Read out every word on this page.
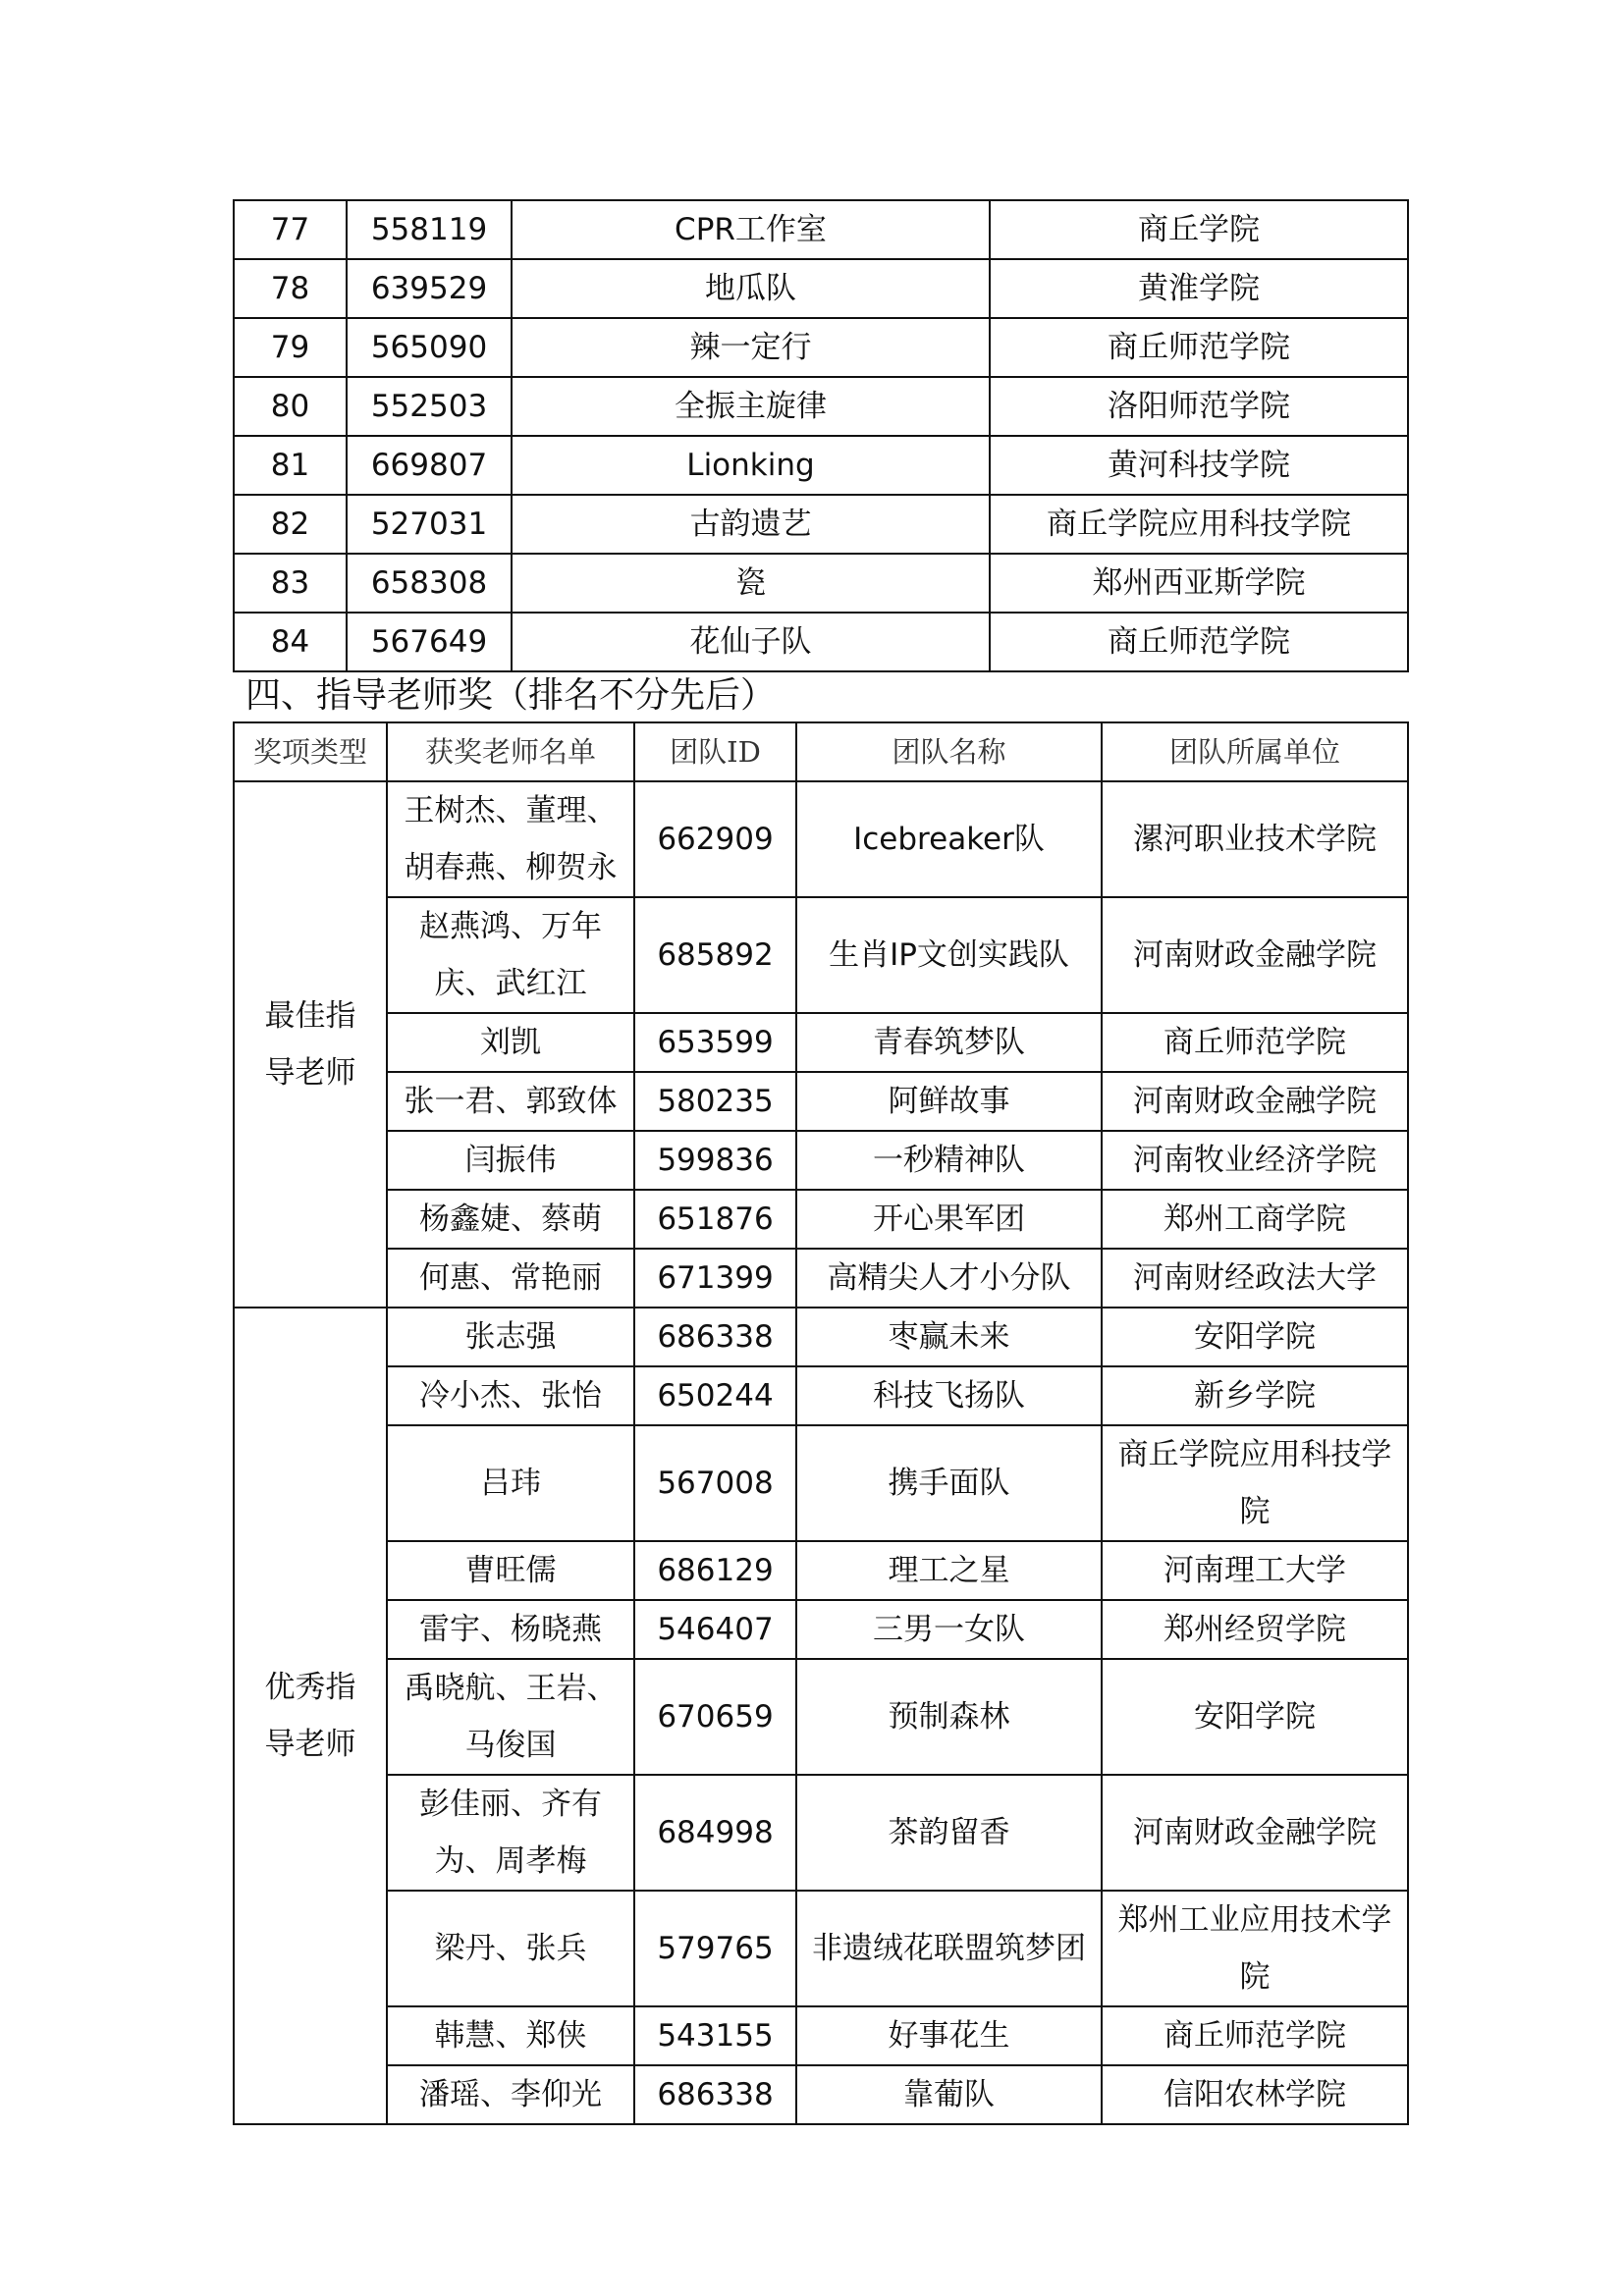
77	558119	CPR工作室	商丘学院
78	639529	地瓜队	黄淮学院
79	565090	辣一定行	商丘师范学院
80	552503	全振主旋律	洛阳师范学院
81	669807	Lionking	黄河科技学院
82	527031	古韵遗艺	商丘学院应用科技学院
83	658308	瓷	郑州西亚斯学院
84	567649	花仙子队	商丘师范学院
四、指导老师奖（排名不分先后）
奖项类型	获奖老师名单	团队ID	团队名称	团队所属单位
最佳指导老师	王树杰、董理、胡春燕、柳贺永	662909	Icebreaker队	漯河职业技术学院
	赵燕鸿、万年庆、武红江	685892	生肖IP文创实践队	河南财政金融学院
	刘凯	653599	青春筑梦队	商丘师范学院
	张一君、郭致体	580235	阿鲜故事	河南财政金融学院
	闫振伟	599836	一秒精神队	河南牧业经济学院
	杨鑫婕、蔡萌	651876	开心果军团	郑州工商学院
	何惠、常艳丽	671399	高精尖人才小分队	河南财经政法大学
优秀指导老师	张志强	686338	枣赢未来	安阳学院
	冷小杰、张怡	650244	科技飞扬队	新乡学院
	吕玮	567008	携手面队	商丘学院应用科技学院
	曹旺儒	686129	理工之星	河南理工大学
	雷宇、杨晓燕	546407	三男一女队	郑州经贸学院
	禹晓航、王岩、马俊国	670659	预制森林	安阳学院
	彭佳丽、齐有为、周孝梅	684998	茶韵留香	河南财政金融学院
	梁丹、张兵	579765	非遗绒花联盟筑梦团	郑州工业应用技术学院
	韩慧、郑侠	543155	好事花生	商丘师范学院
	潘瑶、李仰光	686338	靠葡队	信阳农林学院
